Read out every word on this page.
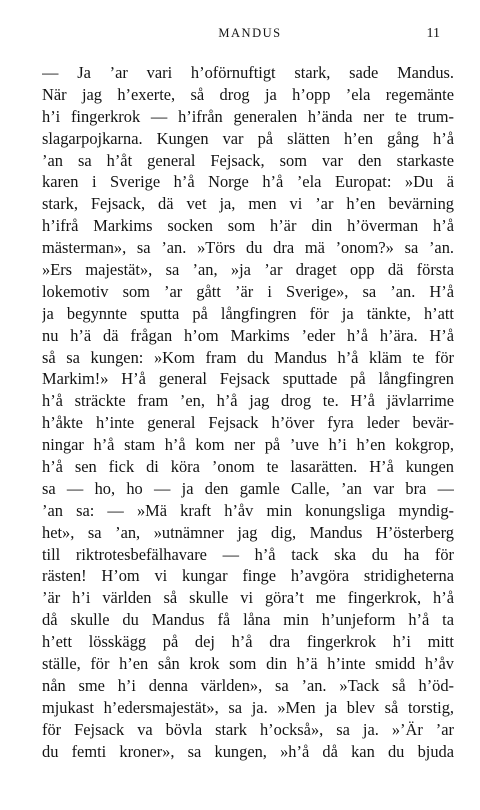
MANDUS	11
— Ja ’ar vari h’oförnuftigt stark, sade Mandus.
När jag h’exerte, så drog ja h’opp ’ela regemänte
h’i fingerkrok — h’ifrån generalen h’ända ner te trum-
slagarpojkarna. Kungen var på slätten h’en gång h’å
’an sa h’åt general Fejsack, som var den starkaste
karen i Sverige h’å Norge h’å ’ela Europat: »Du ä
stark, Fejsack, dä vet ja, men vi ’ar h’en bevärning
h’ifrå Markims socken som h’är din h’överman h’å
mästerman», sa ’an. »Törs du dra mä ’onom?» sa ’an.
»Ers majestät», sa ’an, »ja ’ar draget opp dä första
lokemotiv som ’ar gått ’är i Sverige», sa ’an. H’å
ja begynnte sputta på långfingren för ja tänkte, h’att
nu h’ä dä frågan h’om Markims ’eder h’å h’ära. H’å
så sa kungen: »Kom fram du Mandus h’å kläm te för
Markim!» H’å general Fejsack sputtade på långfingren
h’å sträckte fram ’en, h’å jag drog te. H’å jävlarrime
h’åkte h’inte general Fejsack h’över fyra leder bevär-
ningar h’å stam h’å kom ner på ’uve h’i h’en kokgrop,
h’å sen fick di köra ’onom te lasarätten. H’å kungen
sa — ho, ho — ja den gamle Calle, ’an var bra —
’an sa: — »Mä kraft h’åv min konungsliga myndig-
het», sa ’an, »utnämner jag dig, Mandus H’österberg
till riktrotesbefälhavare — h’å tack ska du ha för
rästen! H’om vi kungar finge h’avgöra stridigheterna
’är h’i världen så skulle vi göra’t me fingerkrok, h’å
då skulle du Mandus få låna min h’unjeform h’å ta
h’ett lösskägg på dej h’å dra fingerkrok h’i mitt
ställe, för h’en sån krok som din h’ä h’inte smidd h’åv
nån sme h’i denna världen», sa ’an. »Tack så h’öd-
mjukast h’edersmajestät», sa ja. »Men ja blev så torstig,
för Fejsack va bövla stark h’också», sa ja. »’Är ’ar
du femti kroner», sa kungen, »h’å då kan du bjuda
